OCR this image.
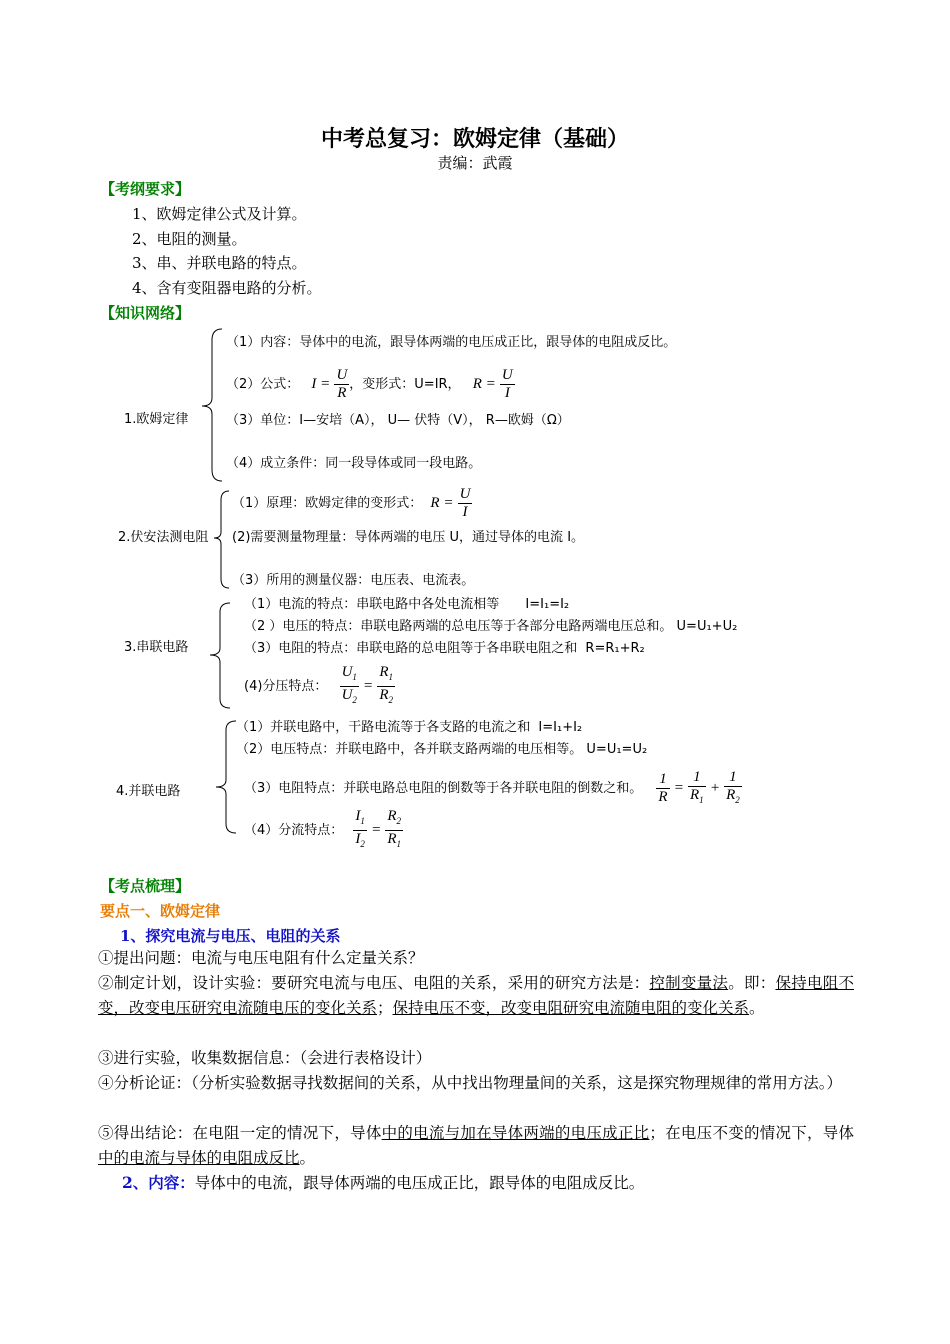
中考总复习：欧姆定律（基础）
责编：武霞
【考纲要求】
1、欧姆定律公式及计算。
2、电阻的测量。
3、串、并联电路的特点。
4、含有变阻器电路的分析。
【知识网络】
1.欧姆定律
（1）内容：导体中的电流，跟导体两端的电压成正比，跟导体的电阻成反比。
（2）公式： $I = \frac{U}{R}$ ，变形式：U=IR， $R = \frac{U}{I}$
（3）单位：I—安培（A）， U— 伏特（V）， R—欧姆（Ω）
（4）成立条件：同一段导体或同一段电路。
2.伏安法测电阻
（1）原理：欧姆定律的变形式： $R = \frac{U}{I}$
(2)需要测量物理量：导体两端的电压 U，通过导体的电流 I。
（3）所用的测量仪器：电压表、电流表。
3.串联电路
（1）电流的特点：串联电路中各处电流相等 I=I₁=I₂
（2 ）电压的特点：串联电路两端的总电压等于各部分电路两端电压总和。 U=U₁+U₂
（3）电阻的特点：串联电路的总电阻等于各串联电阻之和 R=R₁+R₂
(4)分压特点： $\frac{U_1}{U_2} = \frac{R_1}{R_2}$
4.并联电路
（1）并联电路中，干路电流等于各支路的电流之和 I=I₁+I₂
（2）电压特点：并联电路中，各并联支路两端的电压相等。 U=U₁=U₂
（3）电阻特点：并联电路总电阻的倒数等于各并联电阻的倒数之和。 $\frac{1}{R} = \frac{1}{R_1} + \frac{1}{R_2}$
（4）分流特点： $\frac{I_1}{I_2} = \frac{R_2}{R_1}$
【考点梳理】
要点一、欧姆定律
1、探究电流与电压、电阻的关系
①提出问题：电流与电压电阻有什么定量关系？
②制定计划，设计实验：要研究电流与电压、电阻的关系，采用的研究方法是：控制变量法。即：保持电阻不变，改变电压研究电流随电压的变化关系；保持电压不变，改变电阻研究电流随电阻的变化关系。
③进行实验，收集数据信息：（会进行表格设计）
④分析论证：（分析实验数据寻找数据间的关系，从中找出物理量间的关系，这是探究物理规律的常用方法。）
⑤得出结论：在电阻一定的情况下，导体中的电流与加在导体两端的电压成正比；在电压不变的情况下，导体中的电流与导体的电阻成反比。
2、内容：导体中的电流，跟导体两端的电压成正比，跟导体的电阻成反比。
